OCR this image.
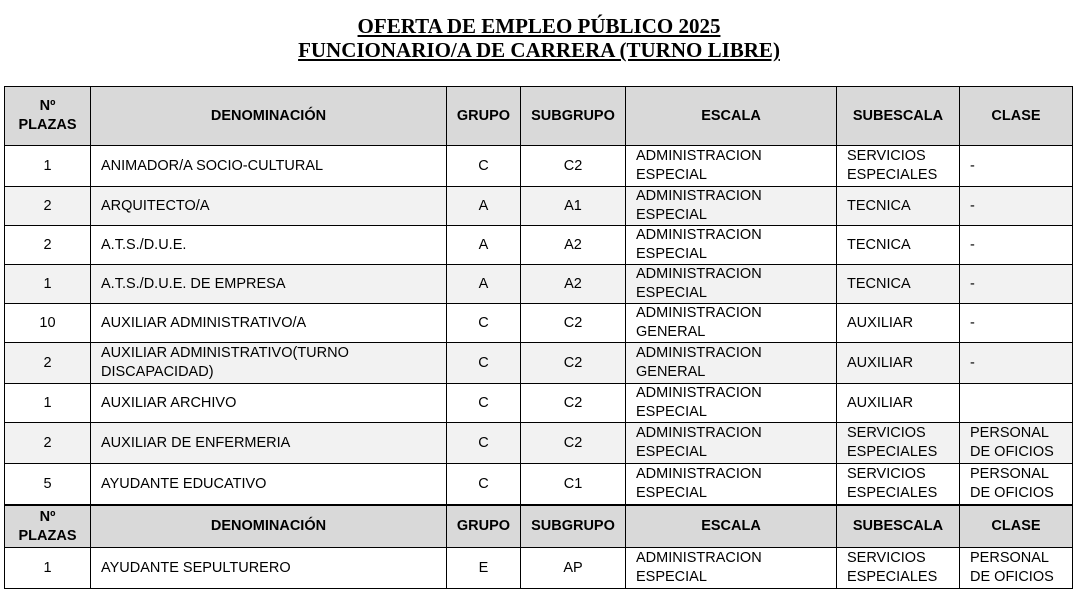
OFERTA DE EMPLEO PÚBLICO 2025
FUNCIONARIO/A DE CARRERA (TURNO LIBRE)
Nº
PLAZAS	DENOMINACIÓN	GRUPO	SUBGRUPO	ESCALA	SUBESCALA	CLASE
1	ANIMADOR/A SOCIO-CULTURAL	C	C2	ADMINISTRACION ESPECIAL	SERVICIOS ESPECIALES	-
2	ARQUITECTO/A	A	A1	ADMINISTRACION ESPECIAL	TECNICA	-
2	A.T.S./D.U.E.	A	A2	ADMINISTRACION ESPECIAL	TECNICA	-
1	A.T.S./D.U.E. DE EMPRESA	A	A2	ADMINISTRACION ESPECIAL	TECNICA	-
10	AUXILIAR ADMINISTRATIVO/A	C	C2	ADMINISTRACION GENERAL	AUXILIAR	-
2	AUXILIAR ADMINISTRATIVO(TURNO DISCAPACIDAD)	C	C2	ADMINISTRACION GENERAL	AUXILIAR	-
1	AUXILIAR ARCHIVO	C	C2	ADMINISTRACION ESPECIAL	AUXILIAR	
2	AUXILIAR DE ENFERMERIA	C	C2	ADMINISTRACION ESPECIAL	SERVICIOS ESPECIALES	PERSONAL DE OFICIOS
5	AYUDANTE EDUCATIVO	C	C1	ADMINISTRACION ESPECIAL	SERVICIOS ESPECIALES	PERSONAL DE OFICIOS
Nº
PLAZAS	DENOMINACIÓN	GRUPO	SUBGRUPO	ESCALA	SUBESCALA	CLASE
1	AYUDANTE SEPULTURERO	E	AP	ADMINISTRACION ESPECIAL	SERVICIOS ESPECIALES	PERSONAL DE OFICIOS
